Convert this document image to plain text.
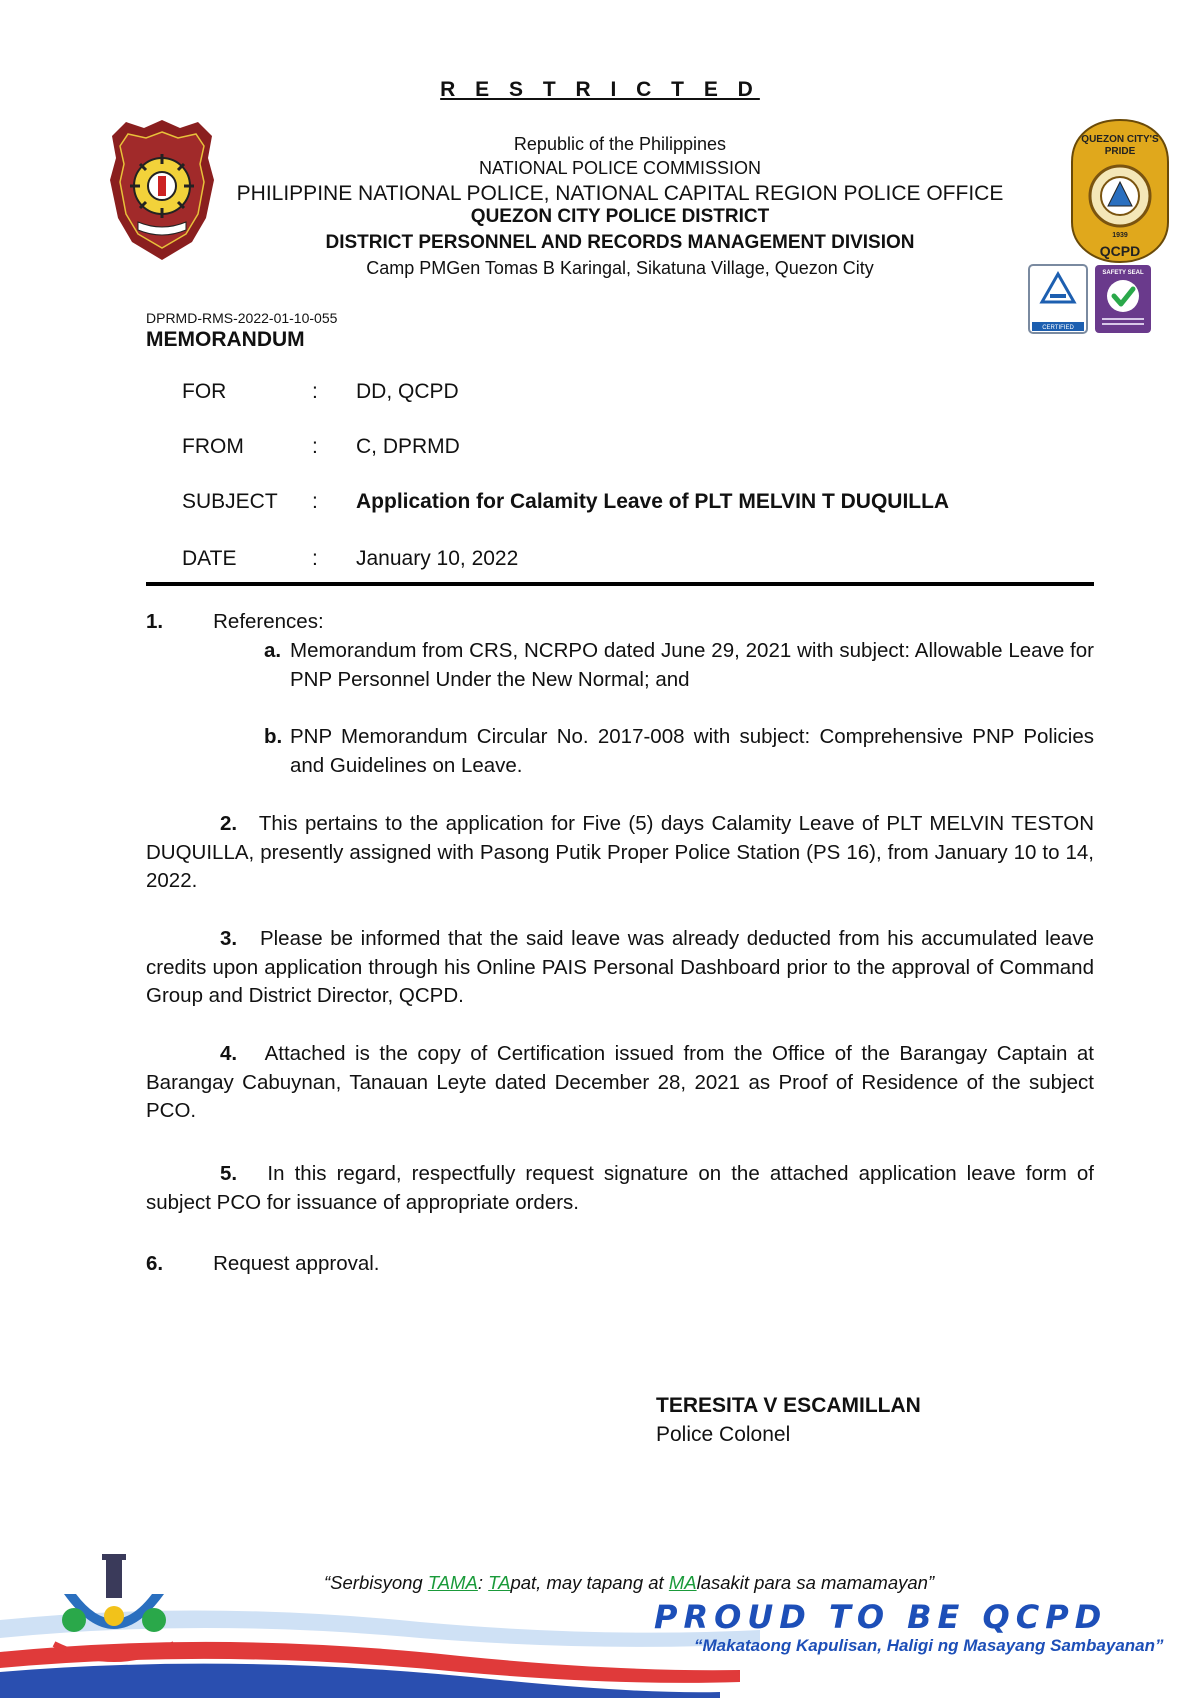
R E S T R I C T E D
Republic of the Philippines
NATIONAL POLICE COMMISSION
PHILIPPINE NATIONAL POLICE, NATIONAL CAPITAL REGION POLICE OFFICE
QUEZON CITY POLICE DISTRICT
DISTRICT PERSONNEL AND RECORDS MANAGEMENT DIVISION
Camp PMGen Tomas B Karingal, Sikatuna Village, Quezon City
QUEZON CITY'S
PRIDE
1939
QCPD
CERTIFIED
SAFETY SEAL
DPRMD-RMS-2022-01-10-055
MEMORANDUM
FOR	: DD, QCPD
FROM	: C, DPRMD
SUBJECT	: Application for Calamity Leave of PLT MELVIN T DUQUILLA
DATE	: January 10, 2022
1. References:
a. Memorandum from CRS, NCRPO dated June 29, 2021 with subject: Allowable Leave for PNP Personnel Under the New Normal; and
b. PNP Memorandum Circular No. 2017-008 with subject: Comprehensive PNP Policies and Guidelines on Leave.
2. This pertains to the application for Five (5) days Calamity Leave of PLT MELVIN TESTON DUQUILLA, presently assigned with Pasong Putik Proper Police Station (PS 16), from January 10 to 14, 2022.
3. Please be informed that the said leave was already deducted from his accumulated leave credits upon application through his Online PAIS Personal Dashboard prior to the approval of Command Group and District Director, QCPD.
4. Attached is the copy of Certification issued from the Office of the Barangay Captain at Barangay Cabuynan, Tanauan Leyte dated December 28, 2021 as Proof of Residence of the subject PCO.
5. In this regard, respectfully request signature on the attached application leave form of subject PCO for issuance of appropriate orders.
6. Request approval.
TERESITA V ESCAMILLAN
Police Colonel
“Serbisyong TAMA: TApat, may tapang at MAlasakit para sa mamamayan”
PROUD TO BE QCPD
“Makataong Kapulisan, Haligi ng Masayang Sambayanan”
